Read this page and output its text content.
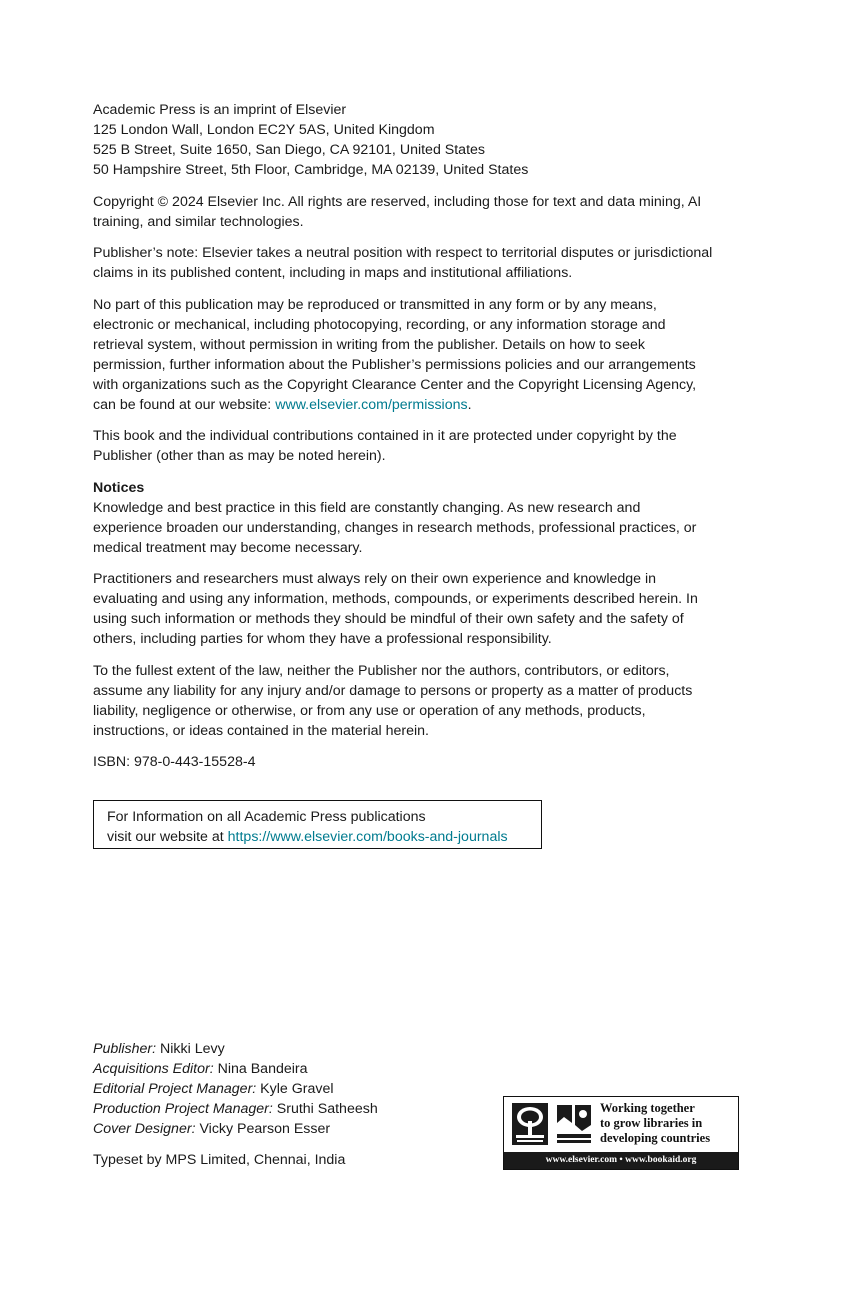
Academic Press is an imprint of Elsevier
125 London Wall, London EC2Y 5AS, United Kingdom
525 B Street, Suite 1650, San Diego, CA 92101, United States
50 Hampshire Street, 5th Floor, Cambridge, MA 02139, United States

Copyright © 2024 Elsevier Inc. All rights are reserved, including those for text and data mining, AI training, and similar technologies.

Publisher’s note: Elsevier takes a neutral position with respect to territorial disputes or jurisdictional claims in its published content, including in maps and institutional affiliations.

No part of this publication may be reproduced or transmitted in any form or by any means, electronic or mechanical, including photocopying, recording, or any information storage and retrieval system, without permission in writing from the publisher. Details on how to seek permission, further information about the Publisher’s permissions policies and our arrangements with organizations such as the Copyright Clearance Center and the Copyright Licensing Agency, can be found at our website: www.elsevier.com/permissions.

This book and the individual contributions contained in it are protected under copyright by the Publisher (other than as may be noted herein).

Notices
Knowledge and best practice in this field are constantly changing. As new research and experience broaden our understanding, changes in research methods, professional practices, or medical treatment may become necessary.

Practitioners and researchers must always rely on their own experience and knowledge in evaluating and using any information, methods, compounds, or experiments described herein. In using such information or methods they should be mindful of their own safety and the safety of others, including parties for whom they have a professional responsibility.

To the fullest extent of the law, neither the Publisher nor the authors, contributors, or editors, assume any liability for any injury and/or damage to persons or property as a matter of products liability, negligence or otherwise, or from any use or operation of any methods, products, instructions, or ideas contained in the material herein.

ISBN: 978-0-443-15528-4

For Information on all Academic Press publications
visit our website at https://www.elsevier.com/books-and-journals
Publisher: Nikki Levy
Acquisitions Editor: Nina Bandeira
Editorial Project Manager: Kyle Gravel
Production Project Manager: Sruthi Satheesh
Cover Designer: Vicky Pearson Esser
Typeset by MPS Limited, Chennai, India
Working together
to grow libraries in
developing countries
www.elsevier.com • www.bookaid.org
